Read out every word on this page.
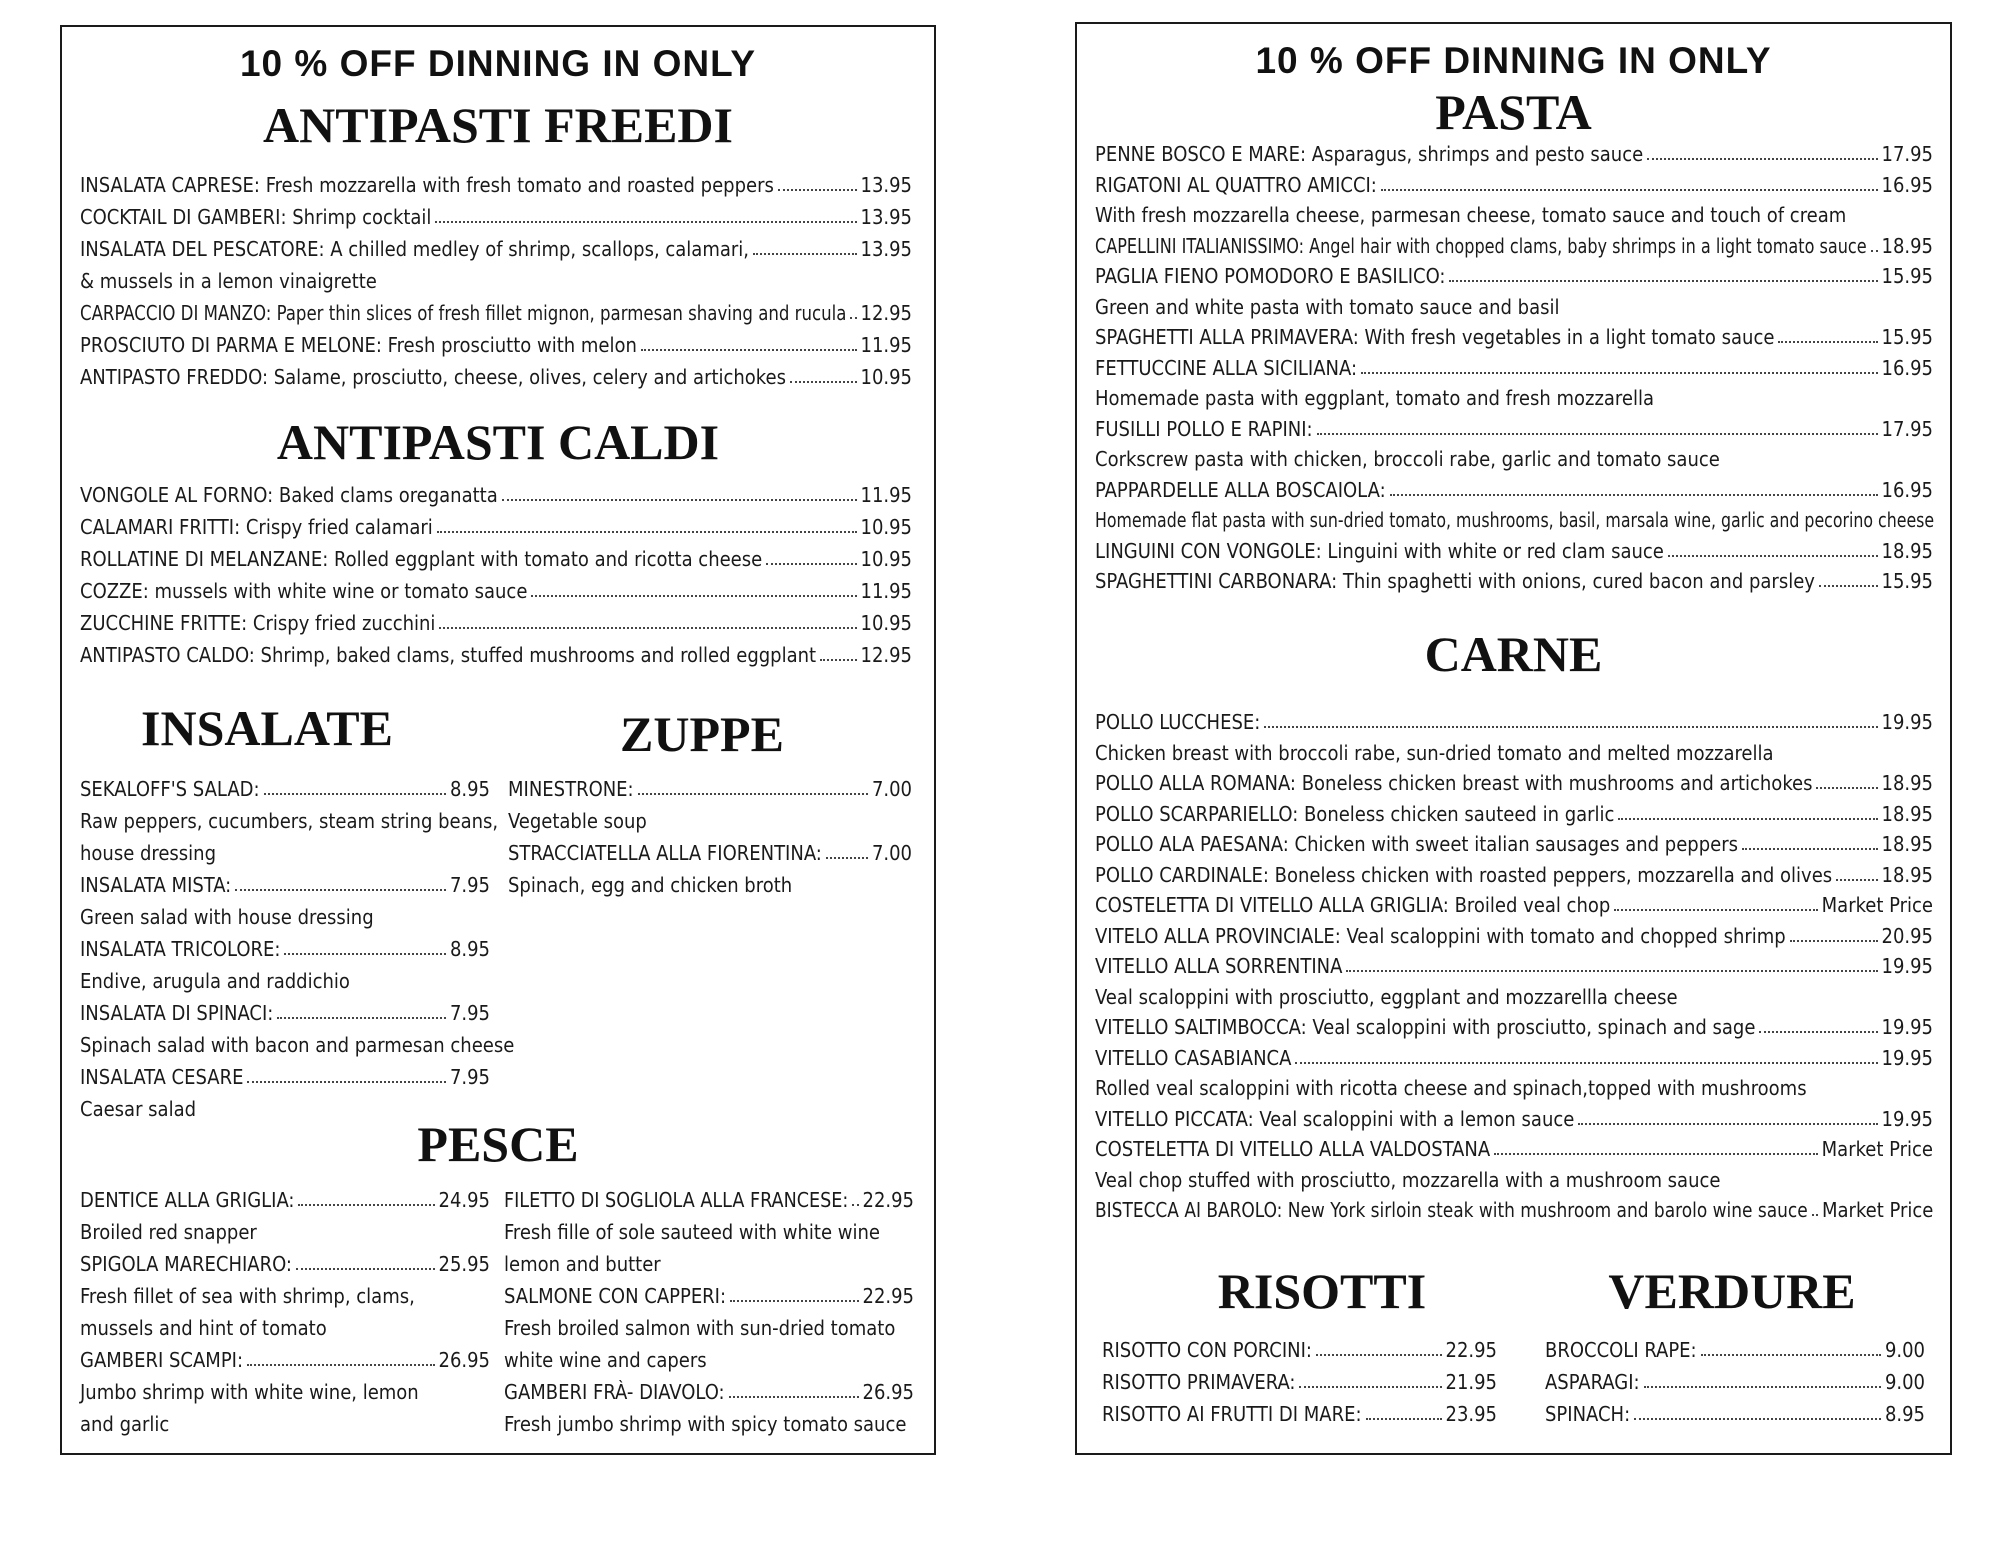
10 % OFF DINNING IN ONLY
ANTIPASTI FREEDI
ANTIPASTI CALDI
INSALATE	ZUPPE
PESCE
INSALATA CAPRESE: Fresh mozzarella with fresh tomato and roasted peppers	13.95
COCKTAIL DI GAMBERI: Shrimp cocktail	13.95
INSALATA DEL PESCATORE: A chilled medley of shrimp, scallops, calamari,	13.95
& mussels in a lemon vinaigrette
CARPACCIO DI MANZO: Paper thin slices of fresh fillet mignon, parmesan shaving and rucula 12.95
PROSCIUTO DI PARMA E MELONE: Fresh prosciutto with melon	11.95
ANTIPASTO FREDDO: Salame, prosciutto, cheese, olives, celery and artichokes	10.95
VONGOLE AL FORNO: Baked clams oreganatta	11.95
CALAMARI FRITTI: Crispy fried calamari	10.95
ROLLATINE DI MELANZANE: Rolled eggplant with tomato and ricotta cheese	10.95
COZZE: mussels with white wine or tomato sauce	11.95
ZUCCHINE FRITTE: Crispy fried zucchini	10.95
ANTIPASTO CALDO: Shrimp, baked clams, stuffed mushrooms and rolled eggplant 12.95
SEKALOFF'S SALAD:	8.95
Raw peppers, cucumbers, steam string beans,
house dressing
INSALATA MISTA:	7.95
Green salad with house dressing
INSALATA TRICOLORE:	8.95
Endive, arugula and raddichio
INSALATA DI SPINACI:	7.95
Spinach salad with bacon and parmesan cheese
INSALATA CESARE	7.95
Caesar salad
MINESTRONE:	7.00
Vegetable soup
STRACCIATELLA ALLA FIORENTINA:	7.00
Spinach, egg and chicken broth
DENTICE ALLA GRIGLIA:	24.95
Broiled red snapper
SPIGOLA MARECHIARO:	25.95
Fresh fillet of sea with shrimp, clams,
mussels and hint of tomato
GAMBERI SCAMPI:	26.95
Jumbo shrimp with white wine, lemon
and garlic
FILETTO DI SOGLIOLA ALLA FRANCESE: 22.95
Fresh fille of sole sauteed with white wine
lemon and butter
SALMONE CON CAPPERI:	22.95
Fresh broiled salmon with sun-dried tomato
white wine and capers
GAMBERI FRÀ- DIAVOLO:	26.95
Fresh jumbo shrimp with spicy tomato sauce
10 % OFF DINNING IN ONLY
PASTA
CARNE
RISOTTI	VERDURE
PENNE BOSCO E MARE: Asparagus, shrimps and pesto sauce	17.95
RIGATONI AL QUATTRO AMICCI:	16.95
With fresh mozzarella cheese, parmesan cheese, tomato sauce and touch of cream
CAPELLINI ITALIANISSIMO: Angel hair with chopped clams, baby shrimps in a light tomato sauce 18.95
PAGLIA FIENO POMODORO E BASILICO:	15.95
Green and white pasta with tomato sauce and basil
SPAGHETTI ALLA PRIMAVERA: With fresh vegetables in a light tomato sauce	15.95
FETTUCCINE ALLA SICILIANA:	16.95
Homemade pasta with eggplant, tomato and fresh mozzarella
FUSILLI POLLO E RAPINI:	17.95
Corkscrew pasta with chicken, broccoli rabe, garlic and tomato sauce
PAPPARDELLE ALLA BOSCAIOLA:	16.95
Homemade flat pasta with sun-dried tomato, mushrooms, basil, marsala wine, garlic and pecorino cheese
LINGUINI CON VONGOLE: Linguini with white or red clam sauce	18.95
SPAGHETTINI CARBONARA: Thin spaghetti with onions, cured bacon and parsley	15.95
POLLO LUCCHESE:	19.95
Chicken breast with broccoli rabe, sun-dried tomato and melted mozzarella
POLLO ALLA ROMANA: Boneless chicken breast with mushrooms and artichokes	18.95
POLLO SCARPARIELLO: Boneless chicken sauteed in garlic	18.95
POLLO ALA PAESANA: Chicken with sweet italian sausages and peppers	18.95
POLLO CARDINALE: Boneless chicken with roasted peppers, mozzarella and olives 18.95
COSTELETTA DI VITELLO ALLA GRIGLIA: Broiled veal chop	Market Price
VITELO ALLA PROVINCIALE: Veal scaloppini with tomato and chopped shrimp	20.95
VITELLO ALLA SORRENTINA	19.95
Veal scaloppini with prosciutto, eggplant and mozzarellla cheese
VITELLO SALTIMBOCCA: Veal scaloppini with prosciutto, spinach and sage	19.95
VITELLO CASABIANCA	19.95
Rolled veal scaloppini with ricotta cheese and spinach,topped with mushrooms
VITELLO PICCATA: Veal scaloppini with a lemon sauce	19.95
COSTELETTA DI VITELLO ALLA VALDOSTANA	Market Price
Veal chop stuffed with prosciutto, mozzarella with a mushroom sauce
BISTECCA AI BAROLO: New York sirloin steak with mushroom and barolo wine sauce Market Price
RISOTTO CON PORCINI:	22.95
RISOTTO PRIMAVERA:	21.95
RISOTTO AI FRUTTI DI MARE:	23.95
BROCCOLI RAPE:	9.00
ASPARAGI:	9.00
SPINACH:	8.95
